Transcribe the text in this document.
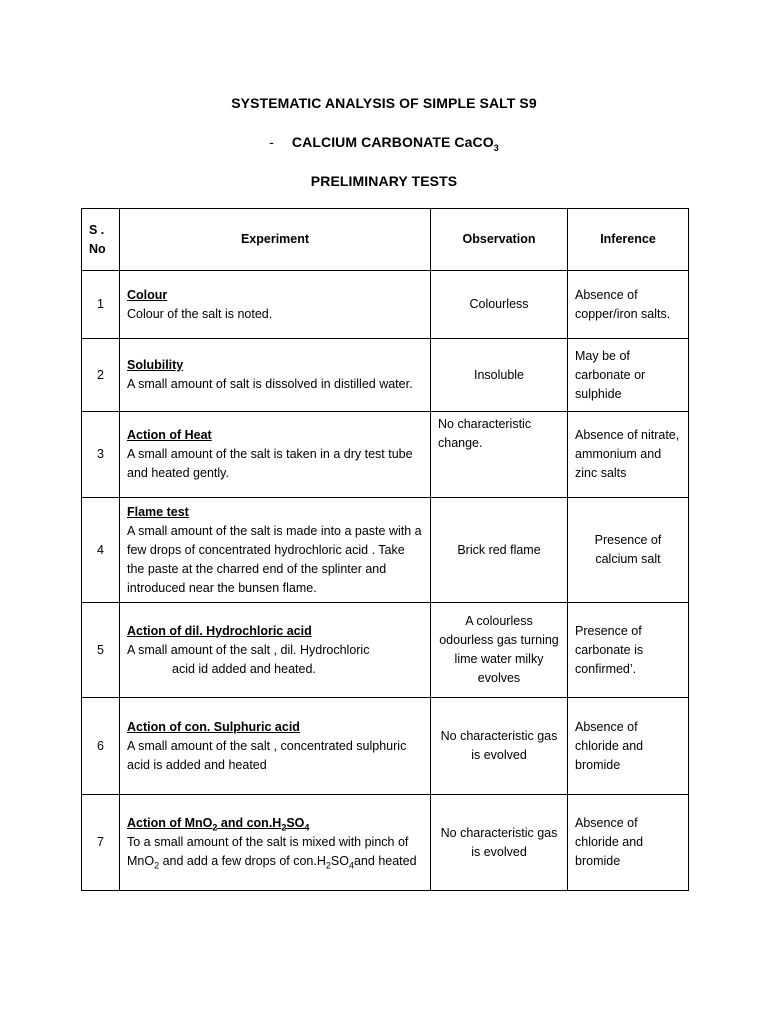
SYSTEMATIC ANALYSIS OF SIMPLE SALT S9
- CALCIUM CARBONATE CaCO$_3$
PRELIMINARY TESTS
S . No	Experiment	Observation	Inference
1	Colour
Colour of the salt is noted.	Colourless	Absence of copper/iron salts.
2	Solubility
A small amount of salt is dissolved in distilled water.	Insoluble	May be of carbonate or sulphide
3	Action of Heat
A small amount of the salt is taken in a dry test tube and heated gently.	No characteristic change.	Absence of nitrate, ammonium and zinc salts
4	Flame test
A small amount of the salt is made into a paste with a few drops of concentrated hydrochloric acid . Take the paste at the charred end of the splinter and introduced near the bunsen flame.	Brick red flame	Presence of calcium salt
5	Action of dil. Hydrochloric acid
A small amount of the salt , dil. Hydrochloric
acid id added and heated.	A colourless odourless gas turning lime water milky evolves	Presence of carbonate is confirmed’.
6	Action of con. Sulphuric acid
A small amount of the salt , concentrated sulphuric acid is added and heated	No characteristic gas is evolved	Absence of chloride and bromide
7	Action of MnO$_2$ and $con.H_2SO_4$
To a small amount of the salt is mixed with pinch of MnO$_2$ and add a few drops of $con.H_2SO_4and$ heated	No characteristic gas is evolved	Absence of chloride and bromide
